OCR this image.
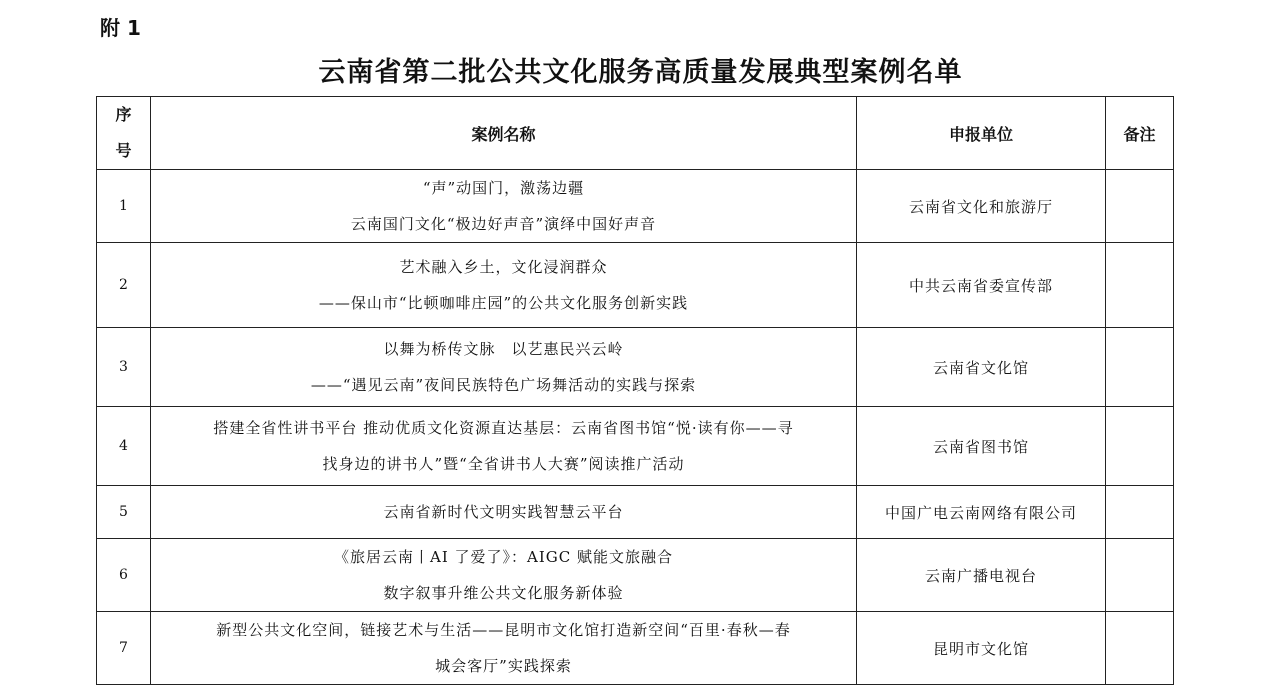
附 1
云南省第二批公共文化服务高质量发展典型案例名单
序
号	案例名称	申报单位	备注
1	“声”动国门，激荡边疆
云南国门文化“极边好声音”演绎中国好声音	云南省文化和旅游厅	
2	艺术融入乡土，文化浸润群众
——保山市“比顿咖啡庄园”的公共文化服务创新实践	中共云南省委宣传部	
3	以舞为桥传文脉　以艺惠民兴云岭
——“遇见云南”夜间民族特色广场舞活动的实践与探索	云南省文化馆	
4	搭建全省性讲书平台 推动优质文化资源直达基层：云南省图书馆“悦·读有你——寻
找身边的讲书人”暨“全省讲书人大赛”阅读推广活动	云南省图书馆	
5	云南省新时代文明实践智慧云平台	中国广电云南网络有限公司	
6	《旅居云南丨AI 了爱了》：AIGC 赋能文旅融合
数字叙事升维公共文化服务新体验	云南广播电视台	
7	新型公共文化空间，链接艺术与生活——昆明市文化馆打造新空间“百里·春秋—春
城会客厅”实践探索	昆明市文化馆	
